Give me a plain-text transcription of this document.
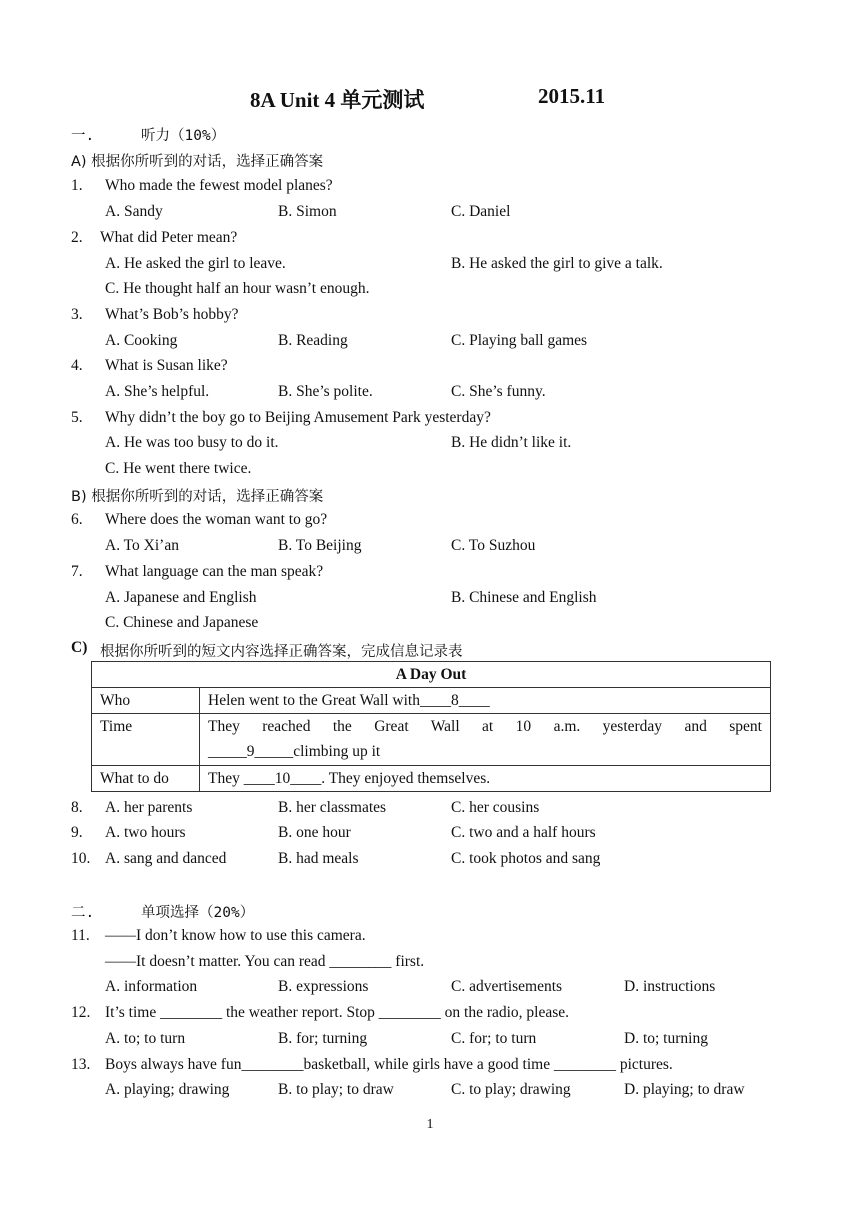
8A Unit 4 单元测试	2015.11
一.	听力（10%）
A) 根据你所听到的对话，选择正确答案
1. Who made the fewest model planes?
A. Sandy	B. Simon	C. Daniel
2. What did Peter mean?
A. He asked the girl to leave.	B. He asked the girl to give a talk.
C. He thought half an hour wasn’t enough.
3. What’s Bob’s hobby?
A. Cooking	B. Reading	C. Playing ball games
4. What is Susan like?
A. She’s helpful.	B. She’s polite.	C. She’s funny.
5. Why didn’t the boy go to Beijing Amusement Park yesterday?
A. He was too busy to do it.	B. He didn’t like it.
C. He went there twice.
B) 根据你所听到的对话，选择正确答案
6. Where does the woman want to go?
A. To Xi’an	B. To Beijing	C. To Suzhou
7. What language can the man speak?
A. Japanese and English	B. Chinese and English
C. Chinese and Japanese
C) 根据你所听到的短文内容选择正确答案，完成信息记录表
A Day Out	
Who	Helen went to the Great Wall with____8____
Time	They reached the Great Wall at 10 a.m. yesterday and spent
_____9_____climbing up it

What to do	They ____10____. They enjoyed themselves.
8. A. her parents	B. her classmates	C. her cousins
9. A. two hours	B. one hour	C. two and a half hours
10. A. sang and danced	B. had meals	C. took photos and sang
二.	单项选择（20%）
11. ——I don’t know how to use this camera.
——It doesn’t matter. You can read ________ first.
A. information	B. expressions	C. advertisements	D. instructions
12. It’s time ________ the weather report. Stop ________ on the radio, please.
A. to; to turn	B. for; turning	C. for; to turn	D. to; turning
13. Boys always have fun________basketball, while girls have a good time ________ pictures.
A. playing; drawing	B. to play; to draw	C. to play; drawing	D. playing; to draw
1
